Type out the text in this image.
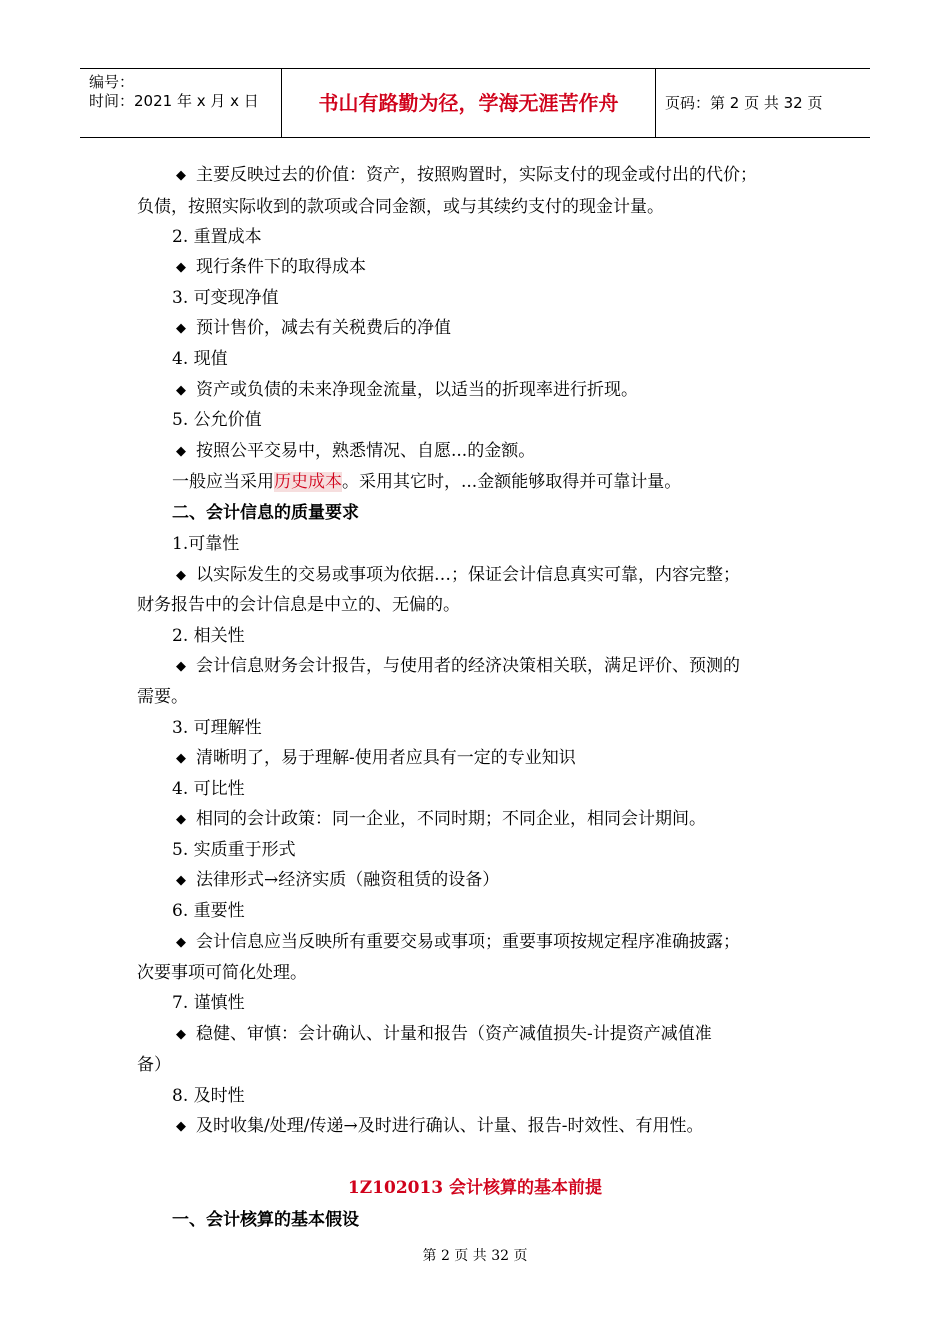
编号：
时间：2021 年 x 月 x 日	书山有路勤为径，学海无涯苦作舟	页码：第 2 页 共 32 页
◆ 主要反映过去的价值：资产，按照购置时，实际支付的现金或付出的代价；
负债，按照实际收到的款项或合同金额，或与其续约支付的现金计量。
2. 重置成本
◆ 现行条件下的取得成本
3. 可变现净值
◆ 预计售价，减去有关税费后的净值
4. 现值
◆ 资产或负债的未来净现金流量，以适当的折现率进行折现。
5. 公允价值
◆ 按照公平交易中，熟悉情况、自愿...的金额。
一般应当采用历史成本。采用其它时，...金额能够取得并可靠计量。
二、会计信息的质量要求
1.可靠性
◆ 以实际发生的交易或事项为依据…；保证会计信息真实可靠，内容完整；
财务报告中的会计信息是中立的、无偏的。
2. 相关性
◆ 会计信息财务会计报告，与使用者的经济决策相关联，满足评价、预测的
需要。
3. 可理解性
◆ 清晰明了，易于理解-使用者应具有一定的专业知识
4. 可比性
◆ 相同的会计政策：同一企业，不同时期；不同企业，相同会计期间。
5. 实质重于形式
◆ 法律形式→经济实质（融资租赁的设备）
6. 重要性
◆ 会计信息应当反映所有重要交易或事项；重要事项按规定程序准确披露；
次要事项可简化处理。
7. 谨慎性
◆ 稳健、审慎：会计确认、计量和报告（资产减值损失-计提资产减值准
备）
8. 及时性
◆ 及时收集/处理/传递→及时进行确认、计量、报告-时效性、有用性。
1Z102013 会计核算的基本前提
一、会计核算的基本假设
第 2 页 共 32 页
